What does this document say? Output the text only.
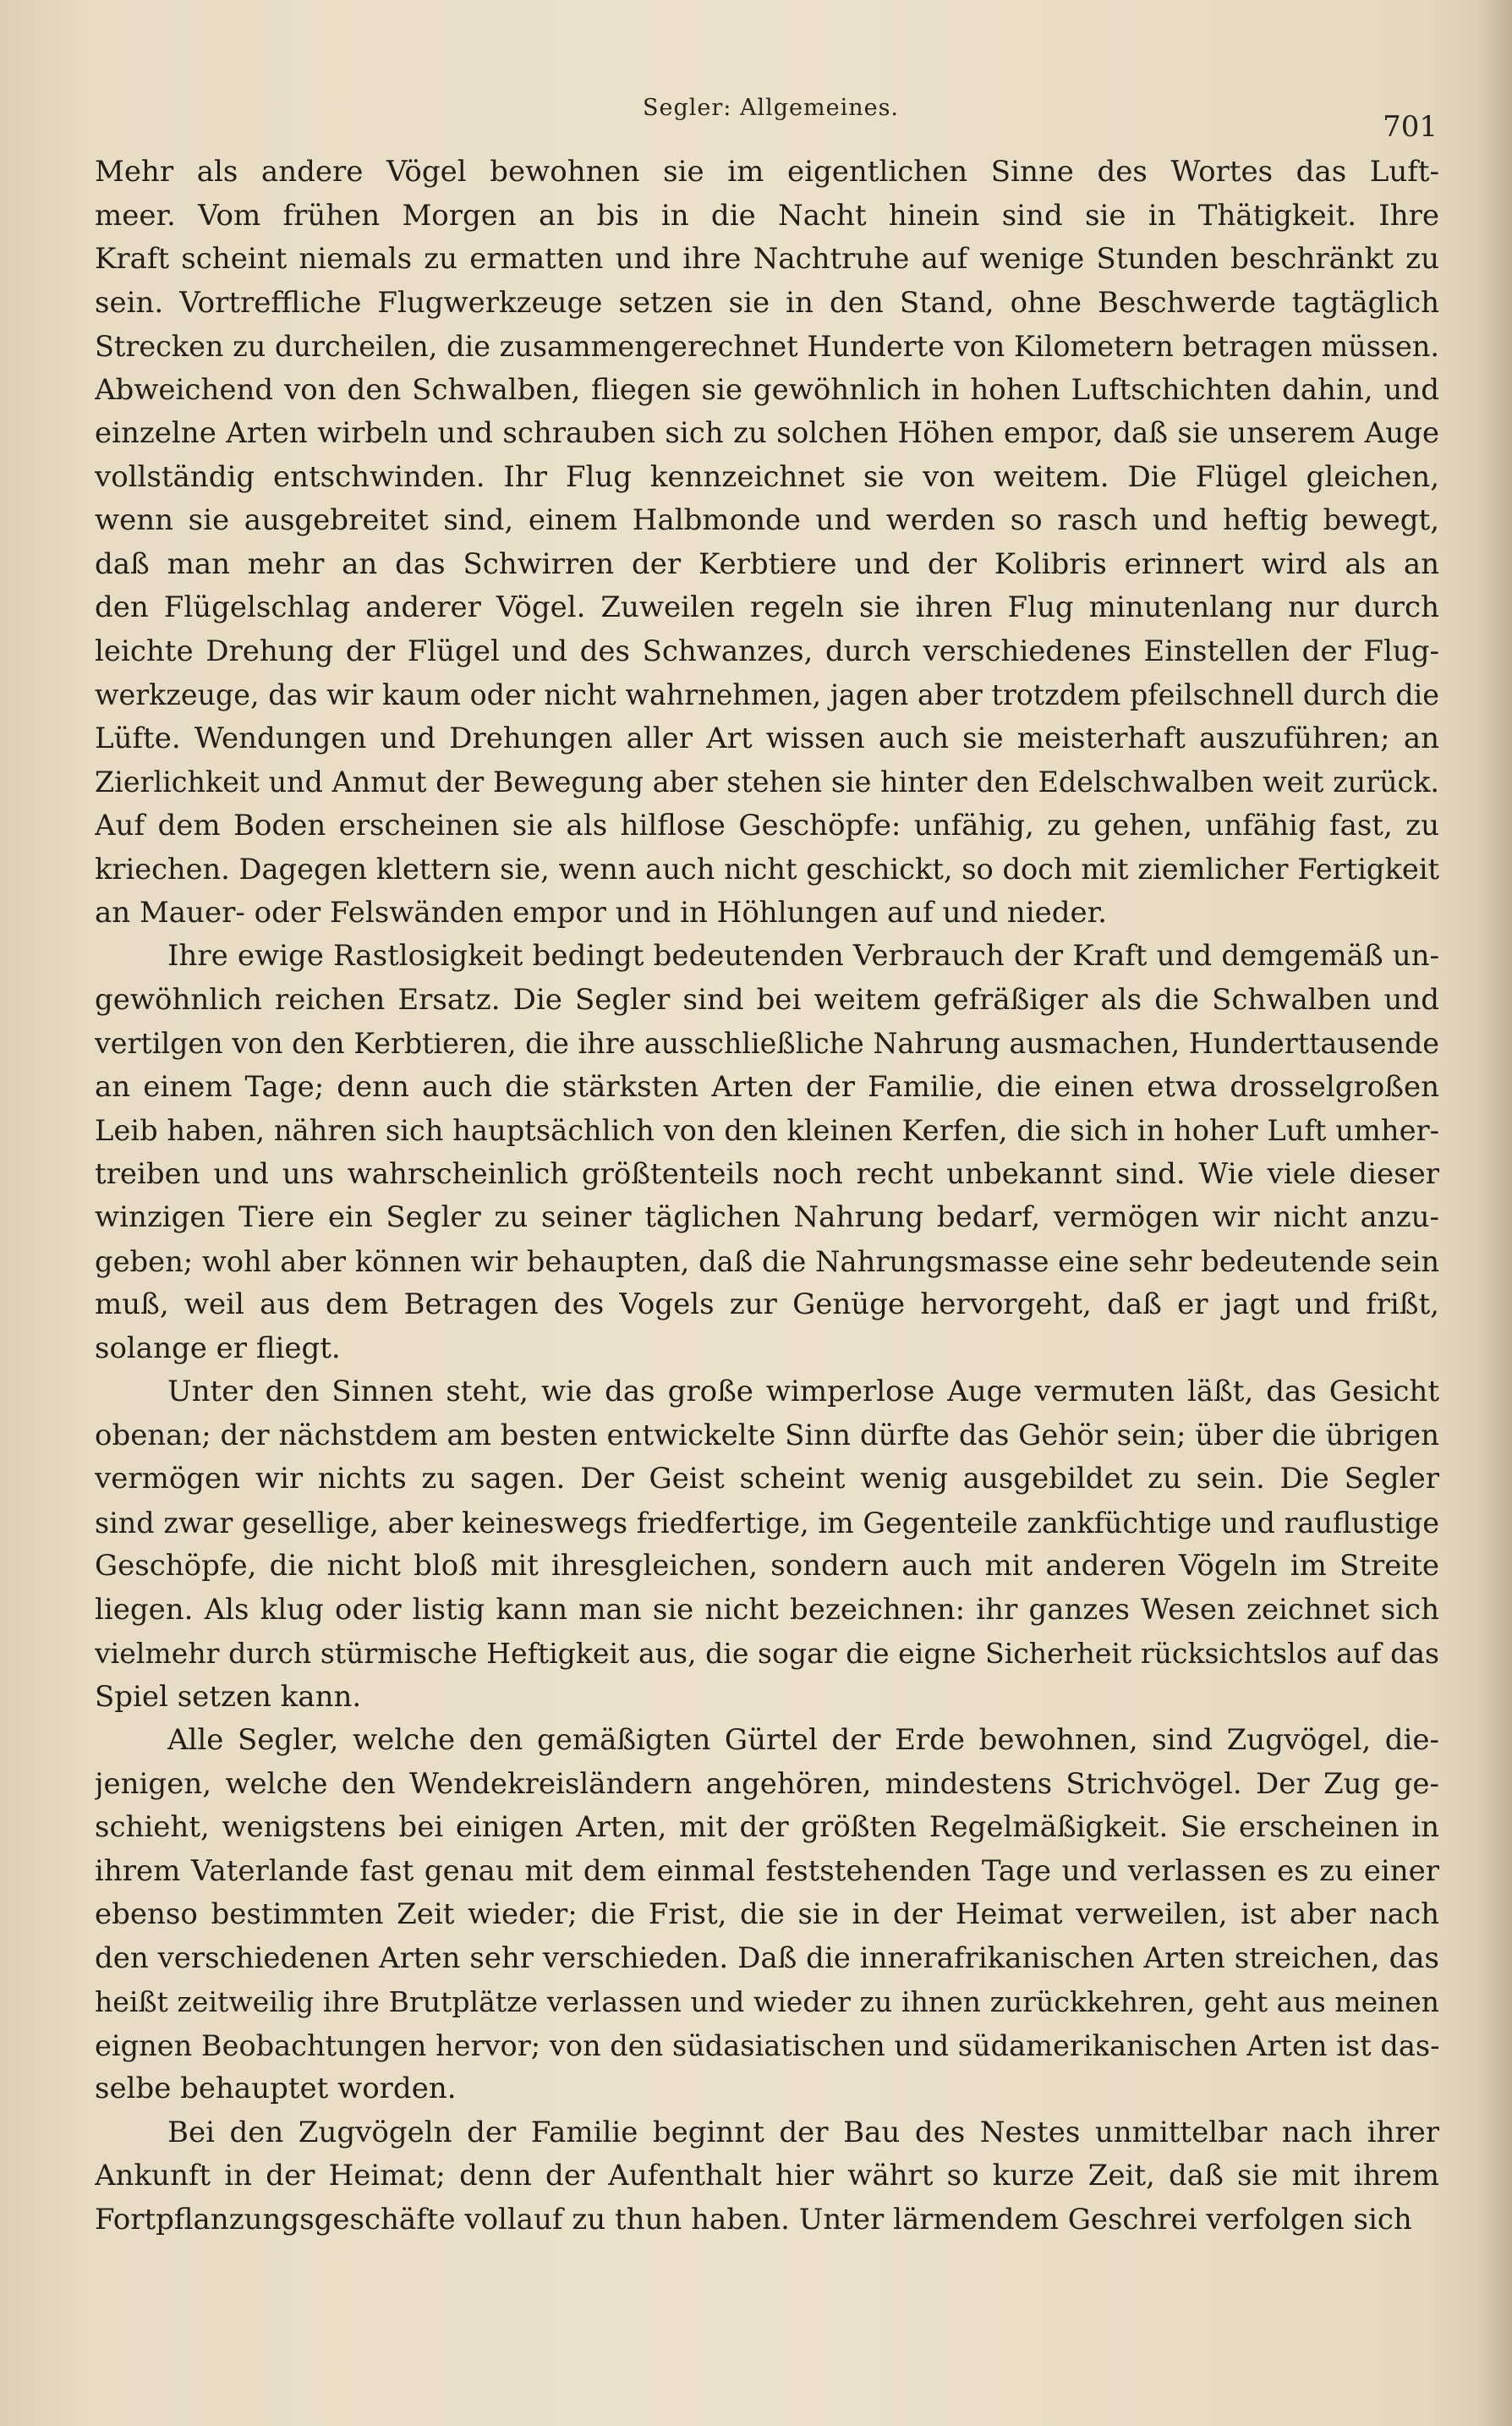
Segler: Allgemeines.
701
Mehr als andere Vögel bewohnen sie im eigentlichen Sinne des Wortes das Luft-
meer. Vom frühen Morgen an bis in die Nacht hinein sind sie in Thätigkeit. Ihre
Kraft scheint niemals zu ermatten und ihre Nachtruhe auf wenige Stunden beschränkt zu
sein. Vortreffliche Flugwerkzeuge setzen sie in den Stand, ohne Beschwerde tagtäglich
Strecken zu durcheilen, die zusammengerechnet Hunderte von Kilometern betragen müssen.
Abweichend von den Schwalben, fliegen sie gewöhnlich in hohen Luftschichten dahin, und
einzelne Arten wirbeln und schrauben sich zu solchen Höhen empor, daß sie unserem Auge
vollständig entschwinden. Ihr Flug kennzeichnet sie von weitem. Die Flügel gleichen,
wenn sie ausgebreitet sind, einem Halbmonde und werden so rasch und heftig bewegt,
daß man mehr an das Schwirren der Kerbtiere und der Kolibris erinnert wird als an
den Flügelschlag anderer Vögel. Zuweilen regeln sie ihren Flug minutenlang nur durch
leichte Drehung der Flügel und des Schwanzes, durch verschiedenes Einstellen der Flug-
werkzeuge, das wir kaum oder nicht wahrnehmen, jagen aber trotzdem pfeilschnell durch die
Lüfte. Wendungen und Drehungen aller Art wissen auch sie meisterhaft auszuführen; an
Zierlichkeit und Anmut der Bewegung aber stehen sie hinter den Edelschwalben weit zurück.
Auf dem Boden erscheinen sie als hilflose Geschöpfe: unfähig, zu gehen, unfähig fast, zu
kriechen. Dagegen klettern sie, wenn auch nicht geschickt, so doch mit ziemlicher Fertigkeit
an Mauer- oder Felswänden empor und in Höhlungen auf und nieder.
Ihre ewige Rastlosigkeit bedingt bedeutenden Verbrauch der Kraft und demgemäß un-
gewöhnlich reichen Ersatz. Die Segler sind bei weitem gefräßiger als die Schwalben und
vertilgen von den Kerbtieren, die ihre ausschließliche Nahrung ausmachen, Hunderttausende
an einem Tage; denn auch die stärksten Arten der Familie, die einen etwa drosselgroßen
Leib haben, nähren sich hauptsächlich von den kleinen Kerfen, die sich in hoher Luft umher-
treiben und uns wahrscheinlich größtenteils noch recht unbekannt sind. Wie viele dieser
winzigen Tiere ein Segler zu seiner täglichen Nahrung bedarf, vermögen wir nicht anzu-
geben; wohl aber können wir behaupten, daß die Nahrungsmasse eine sehr bedeutende sein
muß, weil aus dem Betragen des Vogels zur Genüge hervorgeht, daß er jagt und frißt,
solange er fliegt.
Unter den Sinnen steht, wie das große wimperlose Auge vermuten läßt, das Gesicht
obenan; der nächstdem am besten entwickelte Sinn dürfte das Gehör sein; über die übrigen
vermögen wir nichts zu sagen. Der Geist scheint wenig ausgebildet zu sein. Die Segler
sind zwar gesellige, aber keineswegs friedfertige, im Gegenteile zankfüchtige und rauflustige
Geschöpfe, die nicht bloß mit ihresgleichen, sondern auch mit anderen Vögeln im Streite
liegen. Als klug oder listig kann man sie nicht bezeichnen: ihr ganzes Wesen zeichnet sich
vielmehr durch stürmische Heftigkeit aus, die sogar die eigne Sicherheit rücksichtslos auf das
Spiel setzen kann.
Alle Segler, welche den gemäßigten Gürtel der Erde bewohnen, sind Zugvögel, die-
jenigen, welche den Wendekreisländern angehören, mindestens Strichvögel. Der Zug ge-
schieht, wenigstens bei einigen Arten, mit der größten Regelmäßigkeit. Sie erscheinen in
ihrem Vaterlande fast genau mit dem einmal feststehenden Tage und verlassen es zu einer
ebenso bestimmten Zeit wieder; die Frist, die sie in der Heimat verweilen, ist aber nach
den verschiedenen Arten sehr verschieden. Daß die innerafrikanischen Arten streichen, das
heißt zeitweilig ihre Brutplätze verlassen und wieder zu ihnen zurückkehren, geht aus meinen
eignen Beobachtungen hervor; von den südasiatischen und südamerikanischen Arten ist das-
selbe behauptet worden.
Bei den Zugvögeln der Familie beginnt der Bau des Nestes unmittelbar nach ihrer
Ankunft in der Heimat; denn der Aufenthalt hier währt so kurze Zeit, daß sie mit ihrem
Fortpflanzungsgeschäfte vollauf zu thun haben. Unter lärmendem Geschrei verfolgen sich
